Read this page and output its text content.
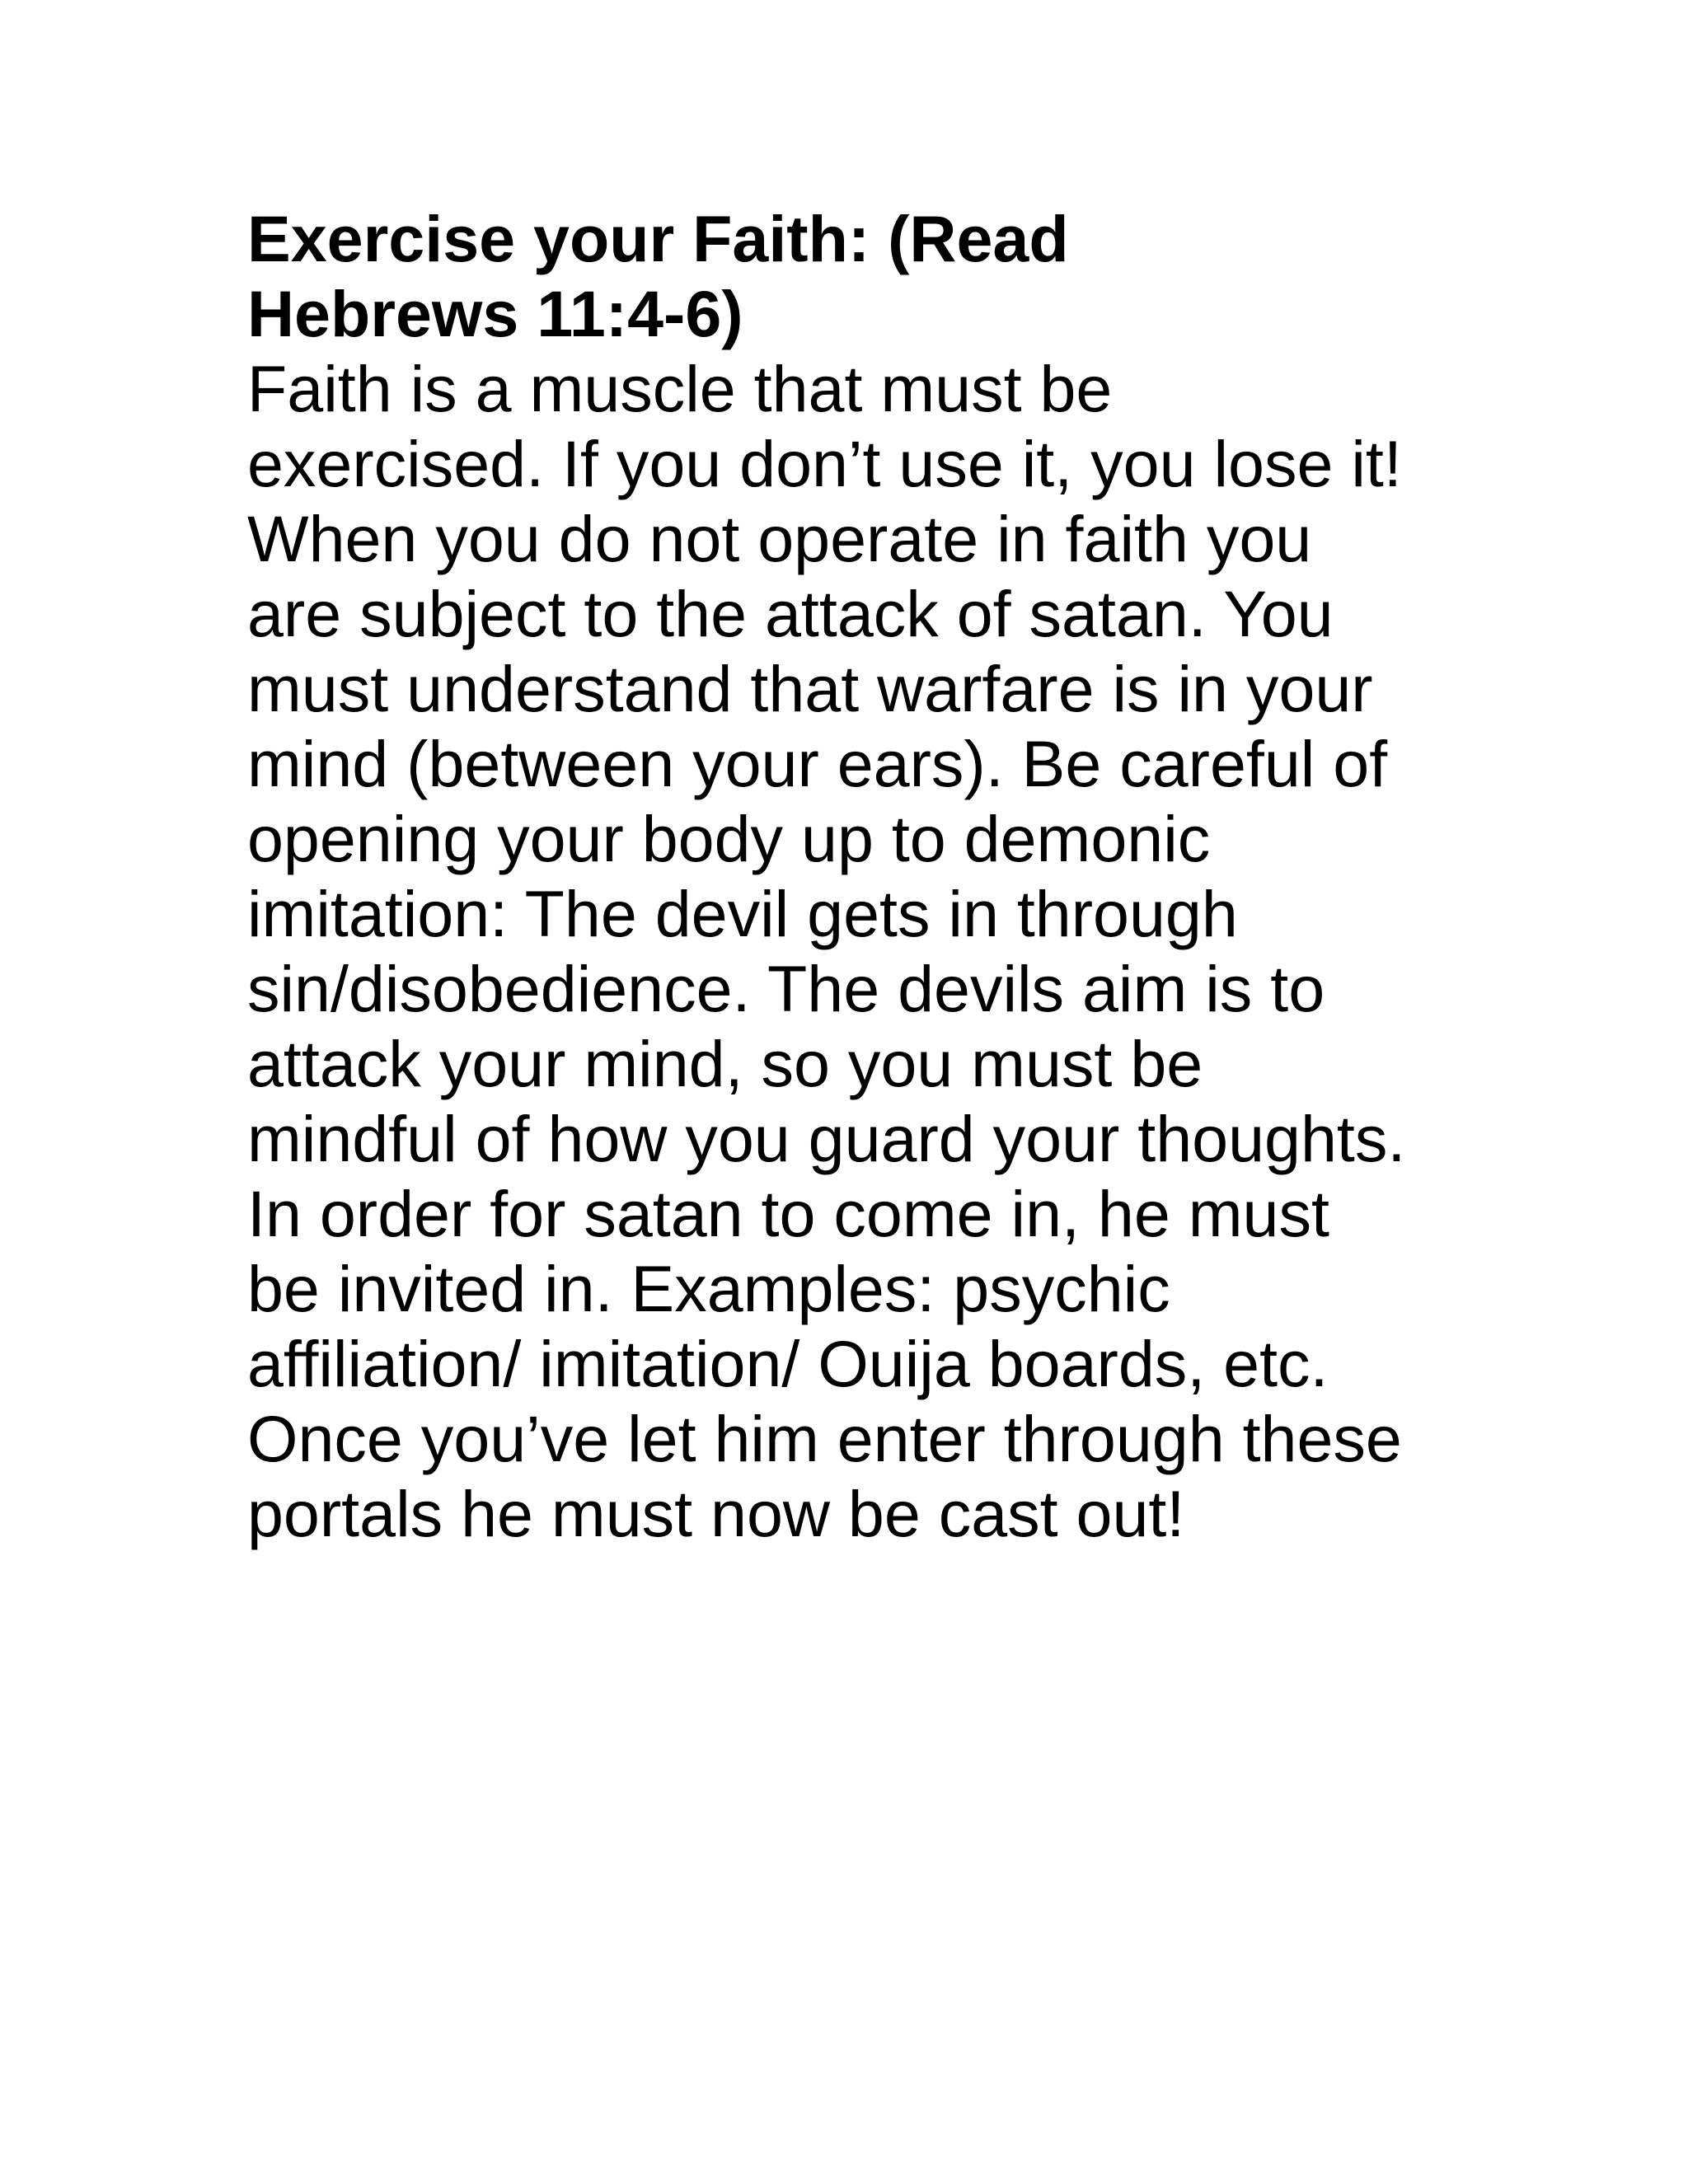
Exercise your Faith: (Read
Hebrews 11:4-6)
Faith is a muscle that must be
exercised. If you don’t use it, you lose it!
When you do not operate in faith you
are subject to the attack of satan. You
must understand that warfare is in your
mind (between your ears). Be careful of
opening your body up to demonic
imitation: The devil gets in through
sin/disobedience. The devils aim is to
attack your mind, so you must be
mindful of how you guard your thoughts.
In order for satan to come in, he must
be invited in. Examples: psychic
affiliation/ imitation/ Ouija boards, etc.
Once you’ve let him enter through these
portals he must now be cast out!
